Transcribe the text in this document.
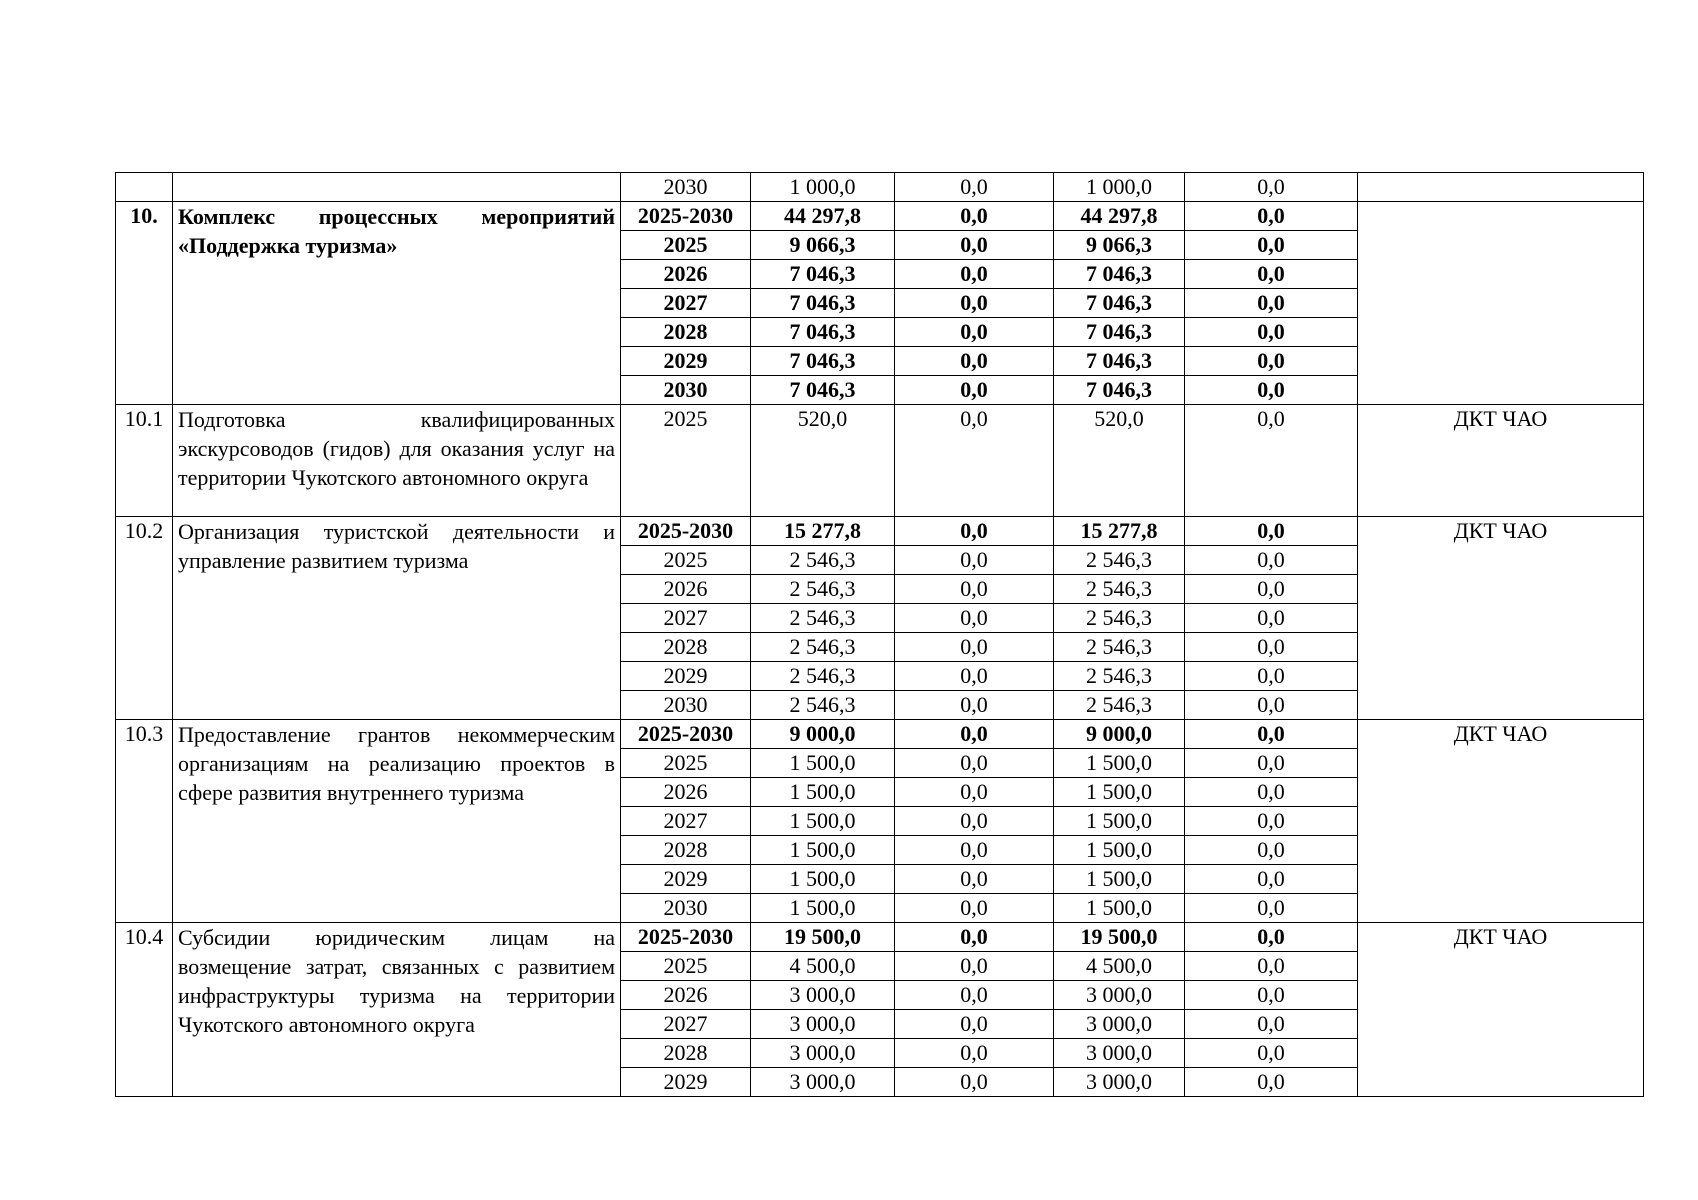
		2030	1 000,0	0,0	1 000,0	0,0	
10.	Комплекс процессных мероприятий «Поддержка туризма»	2025-2030	44 297,8	0,0	44 297,8	0,0	
		2025	9 066,3	0,0	9 066,3	0,0	
		2026	7 046,3	0,0	7 046,3	0,0	
		2027	7 046,3	0,0	7 046,3	0,0	
		2028	7 046,3	0,0	7 046,3	0,0	
		2029	7 046,3	0,0	7 046,3	0,0	
		2030	7 046,3	0,0	7 046,3	0,0	
10.1	Подготовка квалифицированных экскурсоводов (гидов) для оказания услуг на территории Чукотского автономного округа	2025	520,0	0,0	520,0	0,0	ДКТ ЧАО
10.2	Организация туристской деятельности и управление развитием туризма	2025-2030	15 277,8	0,0	15 277,8	0,0	ДКТ ЧАО
		2025	2 546,3	0,0	2 546,3	0,0	
		2026	2 546,3	0,0	2 546,3	0,0	
		2027	2 546,3	0,0	2 546,3	0,0	
		2028	2 546,3	0,0	2 546,3	0,0	
		2029	2 546,3	0,0	2 546,3	0,0	
		2030	2 546,3	0,0	2 546,3	0,0	
10.3	Предоставление грантов некоммерческим организациям на реализацию проектов в сфере развития внутреннего туризма	2025-2030	9 000,0	0,0	9 000,0	0,0	ДКТ ЧАО
		2025	1 500,0	0,0	1 500,0	0,0	
		2026	1 500,0	0,0	1 500,0	0,0	
		2027	1 500,0	0,0	1 500,0	0,0	
		2028	1 500,0	0,0	1 500,0	0,0	
		2029	1 500,0	0,0	1 500,0	0,0	
		2030	1 500,0	0,0	1 500,0	0,0	
10.4	Субсидии юридическим лицам на возмещение затрат, связанных с развитием инфраструктуры туризма на территории Чукотского автономного округа	2025-2030	19 500,0	0,0	19 500,0	0,0	ДКТ ЧАО
		2025	4 500,0	0,0	4 500,0	0,0	
		2026	3 000,0	0,0	3 000,0	0,0	
		2027	3 000,0	0,0	3 000,0	0,0	
		2028	3 000,0	0,0	3 000,0	0,0	
		2029	3 000,0	0,0	3 000,0	0,0	
